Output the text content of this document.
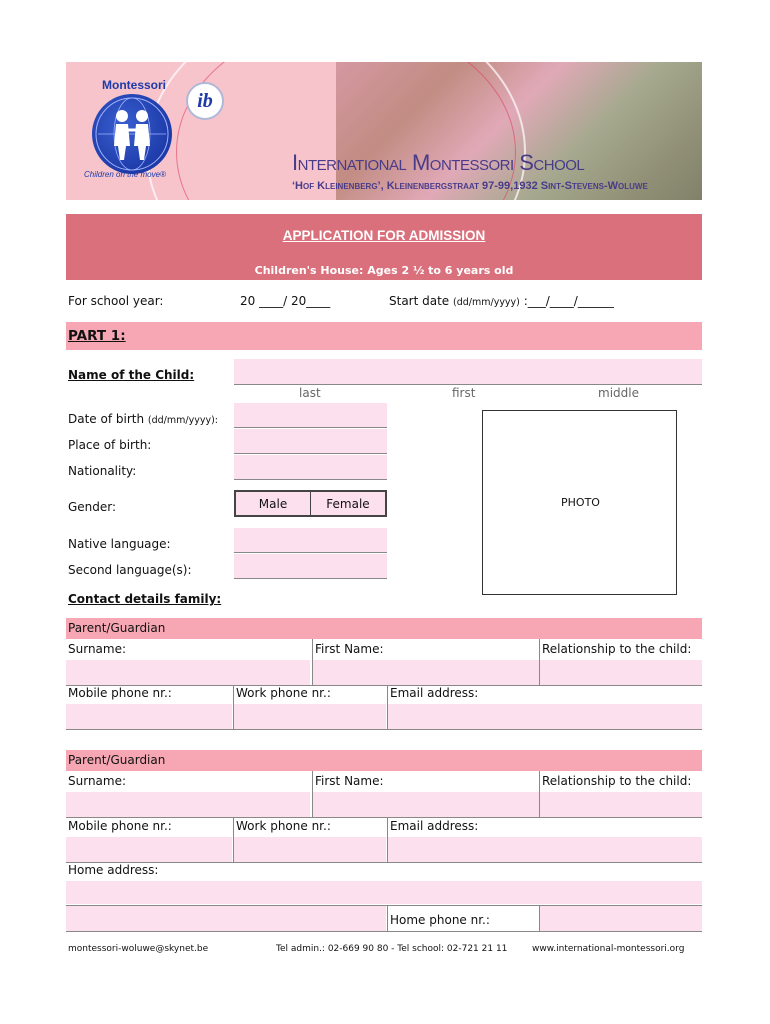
Montessori
Children on the move®
ib
International Montessori School
‘Hof Kleinenberg’, Kleinenbergstraat 97-99,1932 Sint-Stevens-Woluwe
APPLICATION FOR ADMISSION
Children's House: Ages 2 ½ to 6 years old
For school year:	20 ____/ 20____	Start date (dd/mm/yyyy) :___/____/______
PART 1:
Name of the Child:
last	first	middle
Date of birth (dd/mm/yyyy):
Place of birth:
Nationality:
Gender:	Male	Female
Native language:
Second language(s):
PHOTO
Contact details family:
Parent/Guardian
Surname:	First Name:	Relationship to the child:
Mobile phone nr.:	Work phone nr.:	Email address:
Parent/Guardian
Surname:	First Name:	Relationship to the child:
Mobile phone nr.:	Work phone nr.:	Email address:
Home address:
Home phone nr.:
montessori-woluwe@skynet.be	Tel admin.: 02-669 90 80 - Tel school: 02-721 21 11	www.international-montessori.org
